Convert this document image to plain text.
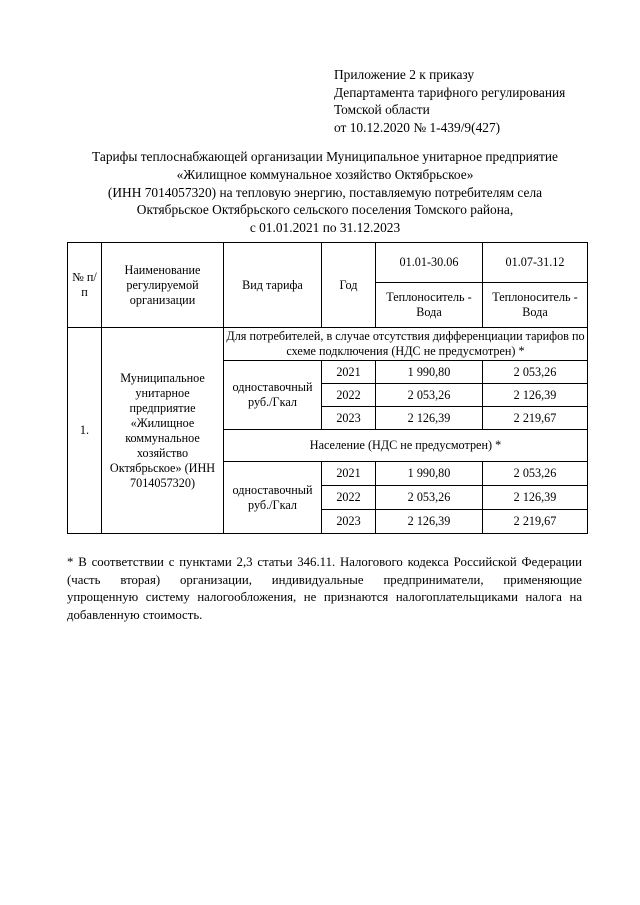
Приложение 2 к приказу
Департамента тарифного регулирования
Томской области
от 10.12.2020 № 1-439/9(427)
Тарифы теплоснабжающей организации Муниципальное унитарное предприятие
«Жилищное коммунальное хозяйство Октябрьское»
(ИНН 7014057320) на тепловую энергию, поставляемую потребителям села
Октябрьское Октябрьского сельского поселения Томского района,
с 01.01.2021 по 31.12.2023
№ п/п	Наименование регулируемой организации	Вид тарифа	Год	01.01-30.06	01.07-31.12
				Теплоноситель - Вода	Теплоноситель - Вода
1.	Муниципальное унитарное предприятие «Жилищное коммунальное хозяйство Октябрьское» (ИНН 7014057320)	Для потребителей, в случае отсутствия дифференциации тарифов по схеме подключения (НДС не предусмотрен) *			
		одноставочный руб./Гкал	2021	1 990,80	2 053,26
			2022	2 053,26	2 126,39
			2023	2 126,39	2 219,67
		Население (НДС не предусмотрен) *			
		одноставочный руб./Гкал	2021	1 990,80	2 053,26
			2022	2 053,26	2 126,39
			2023	2 126,39	2 219,67
* В соответствии с пунктами 2,3 статьи 346.11. Налогового кодекса Российской Федерации
(часть вторая) организации, индивидуальные предприниматели, применяющие
упрощенную систему налогообложения, не признаются налогоплательщиками налога на
добавленную стоимость.
